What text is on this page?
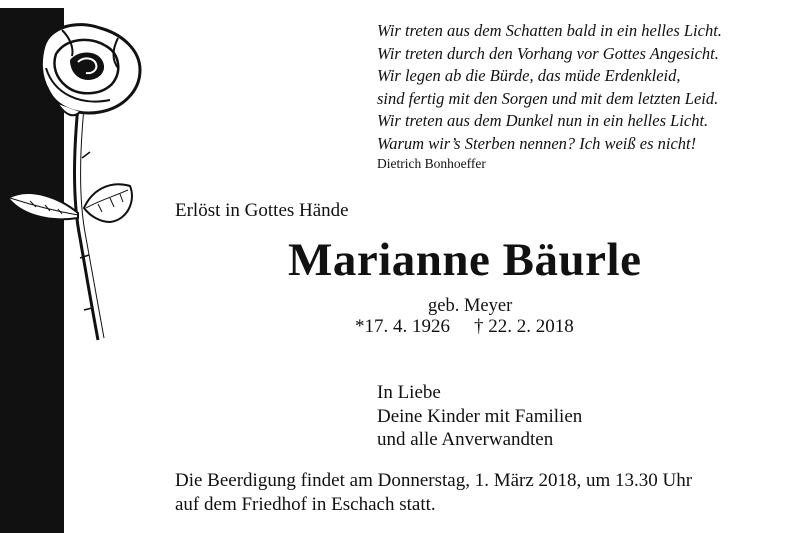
Wir treten aus dem Schatten bald in ein helles Licht.
Wir treten durch den Vorhang vor Gottes Angesicht.
Wir legen ab die Bürde, das müde Erdenkleid,
sind fertig mit den Sorgen und mit dem letzten Leid.
Wir treten aus dem Dunkel nun in ein helles Licht.
Warum wir’s Sterben nennen? Ich weiß es nicht!
Dietrich Bonhoeffer
Erlöst in Gottes Hände
Marianne Bäurle
geb. Meyer
*17. 4. 1926 † 22. 2. 2018
In Liebe
Deine Kinder mit Familien
und alle Anverwandten
Die Beerdigung findet am Donnerstag, 1. März 2018, um 13.30 Uhr
auf dem Friedhof in Eschach statt.
